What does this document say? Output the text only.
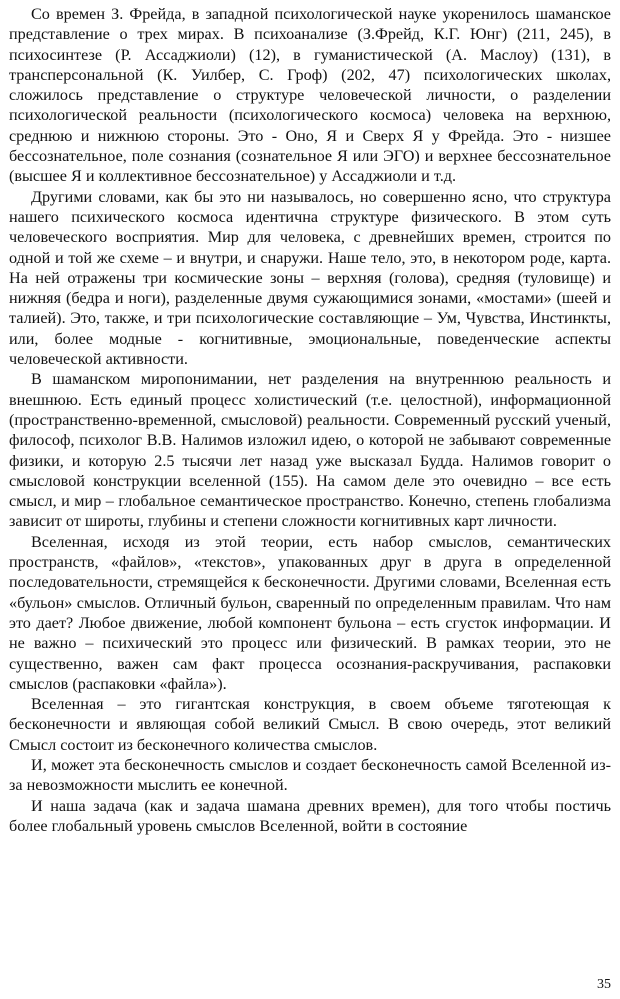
Со времен З. Фрейда, в западной психологической науке укоренилось шаманское представление о трех мирах. В психоанализе (З.Фрейд, К.Г. Юнг) (211, 245), в психосинтезе (Р. Ассаджиоли) (12), в гуманистической (А. Маслоу) (131), в трансперсональной (К. Уилбер, С. Гроф) (202, 47) психологических школах, сложилось представление о структуре человеческой личности, о разделении психологической реальности (психологического космоса) человека на верхнюю, среднюю и нижнюю стороны. Это - Оно, Я и Сверх Я у Фрейда. Это - низшее бессознательное, поле сознания (сознательное Я или ЭГО) и верхнее бессознательное (высшее Я и коллективное бессознательное) у Ассаджиоли и т.д.

Другими словами, как бы это ни называлось, но совершенно ясно, что структура нашего психического космоса идентична структуре физического. В этом суть человеческого восприятия. Мир для человека, с древнейших времен, строится по одной и той же схеме – и внутри, и снаружи. Наше тело, это, в некотором роде, карта. На ней отражены три космические зоны – верхняя (голова), средняя (туловище) и нижняя (бедра и ноги), разделенные двумя сужающимися зонами, «мостами» (шеей и талией). Это, также, и три психологические составляющие – Ум, Чувства, Инстинкты, или, более модные - когнитивные, эмоциональные, поведенческие аспекты человеческой активности.

В шаманском миропонимании, нет разделения на внутреннюю реальность и внешнюю. Есть единый процесс холистический (т.е. целостной), информационной (пространственно-временной, смысловой) реальности. Современный русский ученый, философ, психолог В.В. Налимов изложил идею, о которой не забывают современные физики, и которую 2.5 тысячи лет назад уже высказал Будда. Налимов говорит о смысловой конструкции вселенной (155). На самом деле это очевидно – все есть смысл, и мир – глобальное семантическое пространство. Конечно, степень глобализма зависит от широты, глубины и степени сложности когнитивных карт личности.

Вселенная, исходя из этой теории, есть набор смыслов, семантических пространств, «файлов», «текстов», упакованных друг в друга в определенной последовательности, стремящейся к бесконечности. Другими словами, Вселенная есть «бульон» смыслов. Отличный бульон, сваренный по определенным правилам. Что нам это дает? Любое движение, любой компонент бульона – есть сгусток информации. И не важно – психический это процесс или физический. В рамках теории, это не существенно, важен сам факт процесса осознания-раскручивания, распаковки смыслов (распаковки «файла»).

Вселенная – это гигантская конструкция, в своем объеме тяготеющая к бесконечности и являющая собой великий Смысл. В свою очередь, этот великий Смысл состоит из бесконечного количества смыслов.

И, может эта бесконечность смыслов и создает бесконечность самой Вселенной из-за невозможности мыслить ее конечной.

И наша задача (как и задача шамана древних времен), для того чтобы постичь более глобальный уровень смыслов Вселенной, войти в состояние

35
